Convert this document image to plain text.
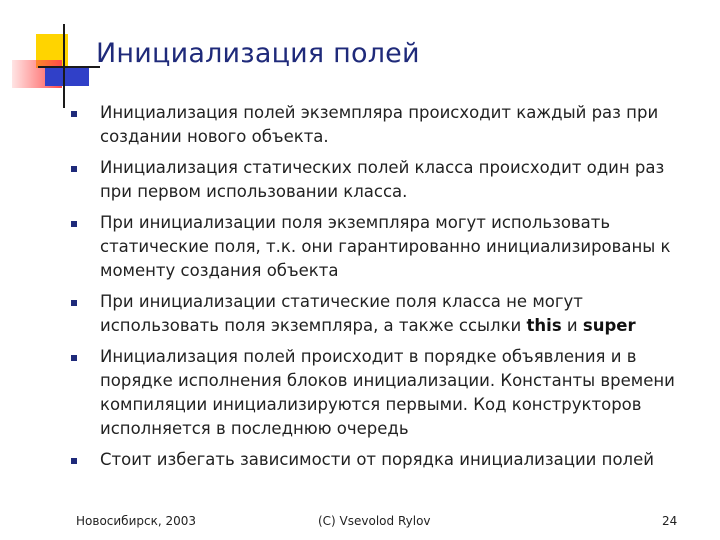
Инициализация полей
Инициализация полей экземпляра происходит каждый раз при создании нового объекта.
Инициализация статических полей класса происходит один раз при первом использовании класса.
При инициализации поля экземпляра могут использовать статические поля, т.к. они гарантированно инициализированы к моменту создания объекта
При инициализации статические поля класса не могут использовать поля экземпляра, а также ссылки this и super
Инициализация полей происходит в порядке объявления и в порядке исполнения блоков инициализации. Константы времени компиляции инициализируются первыми. Код конструкторов исполняется в последнюю очередь
Стоит избегать зависимости от порядка инициализации полей
Новосибирск, 2003	(C) Vsevolod Rylov	24
